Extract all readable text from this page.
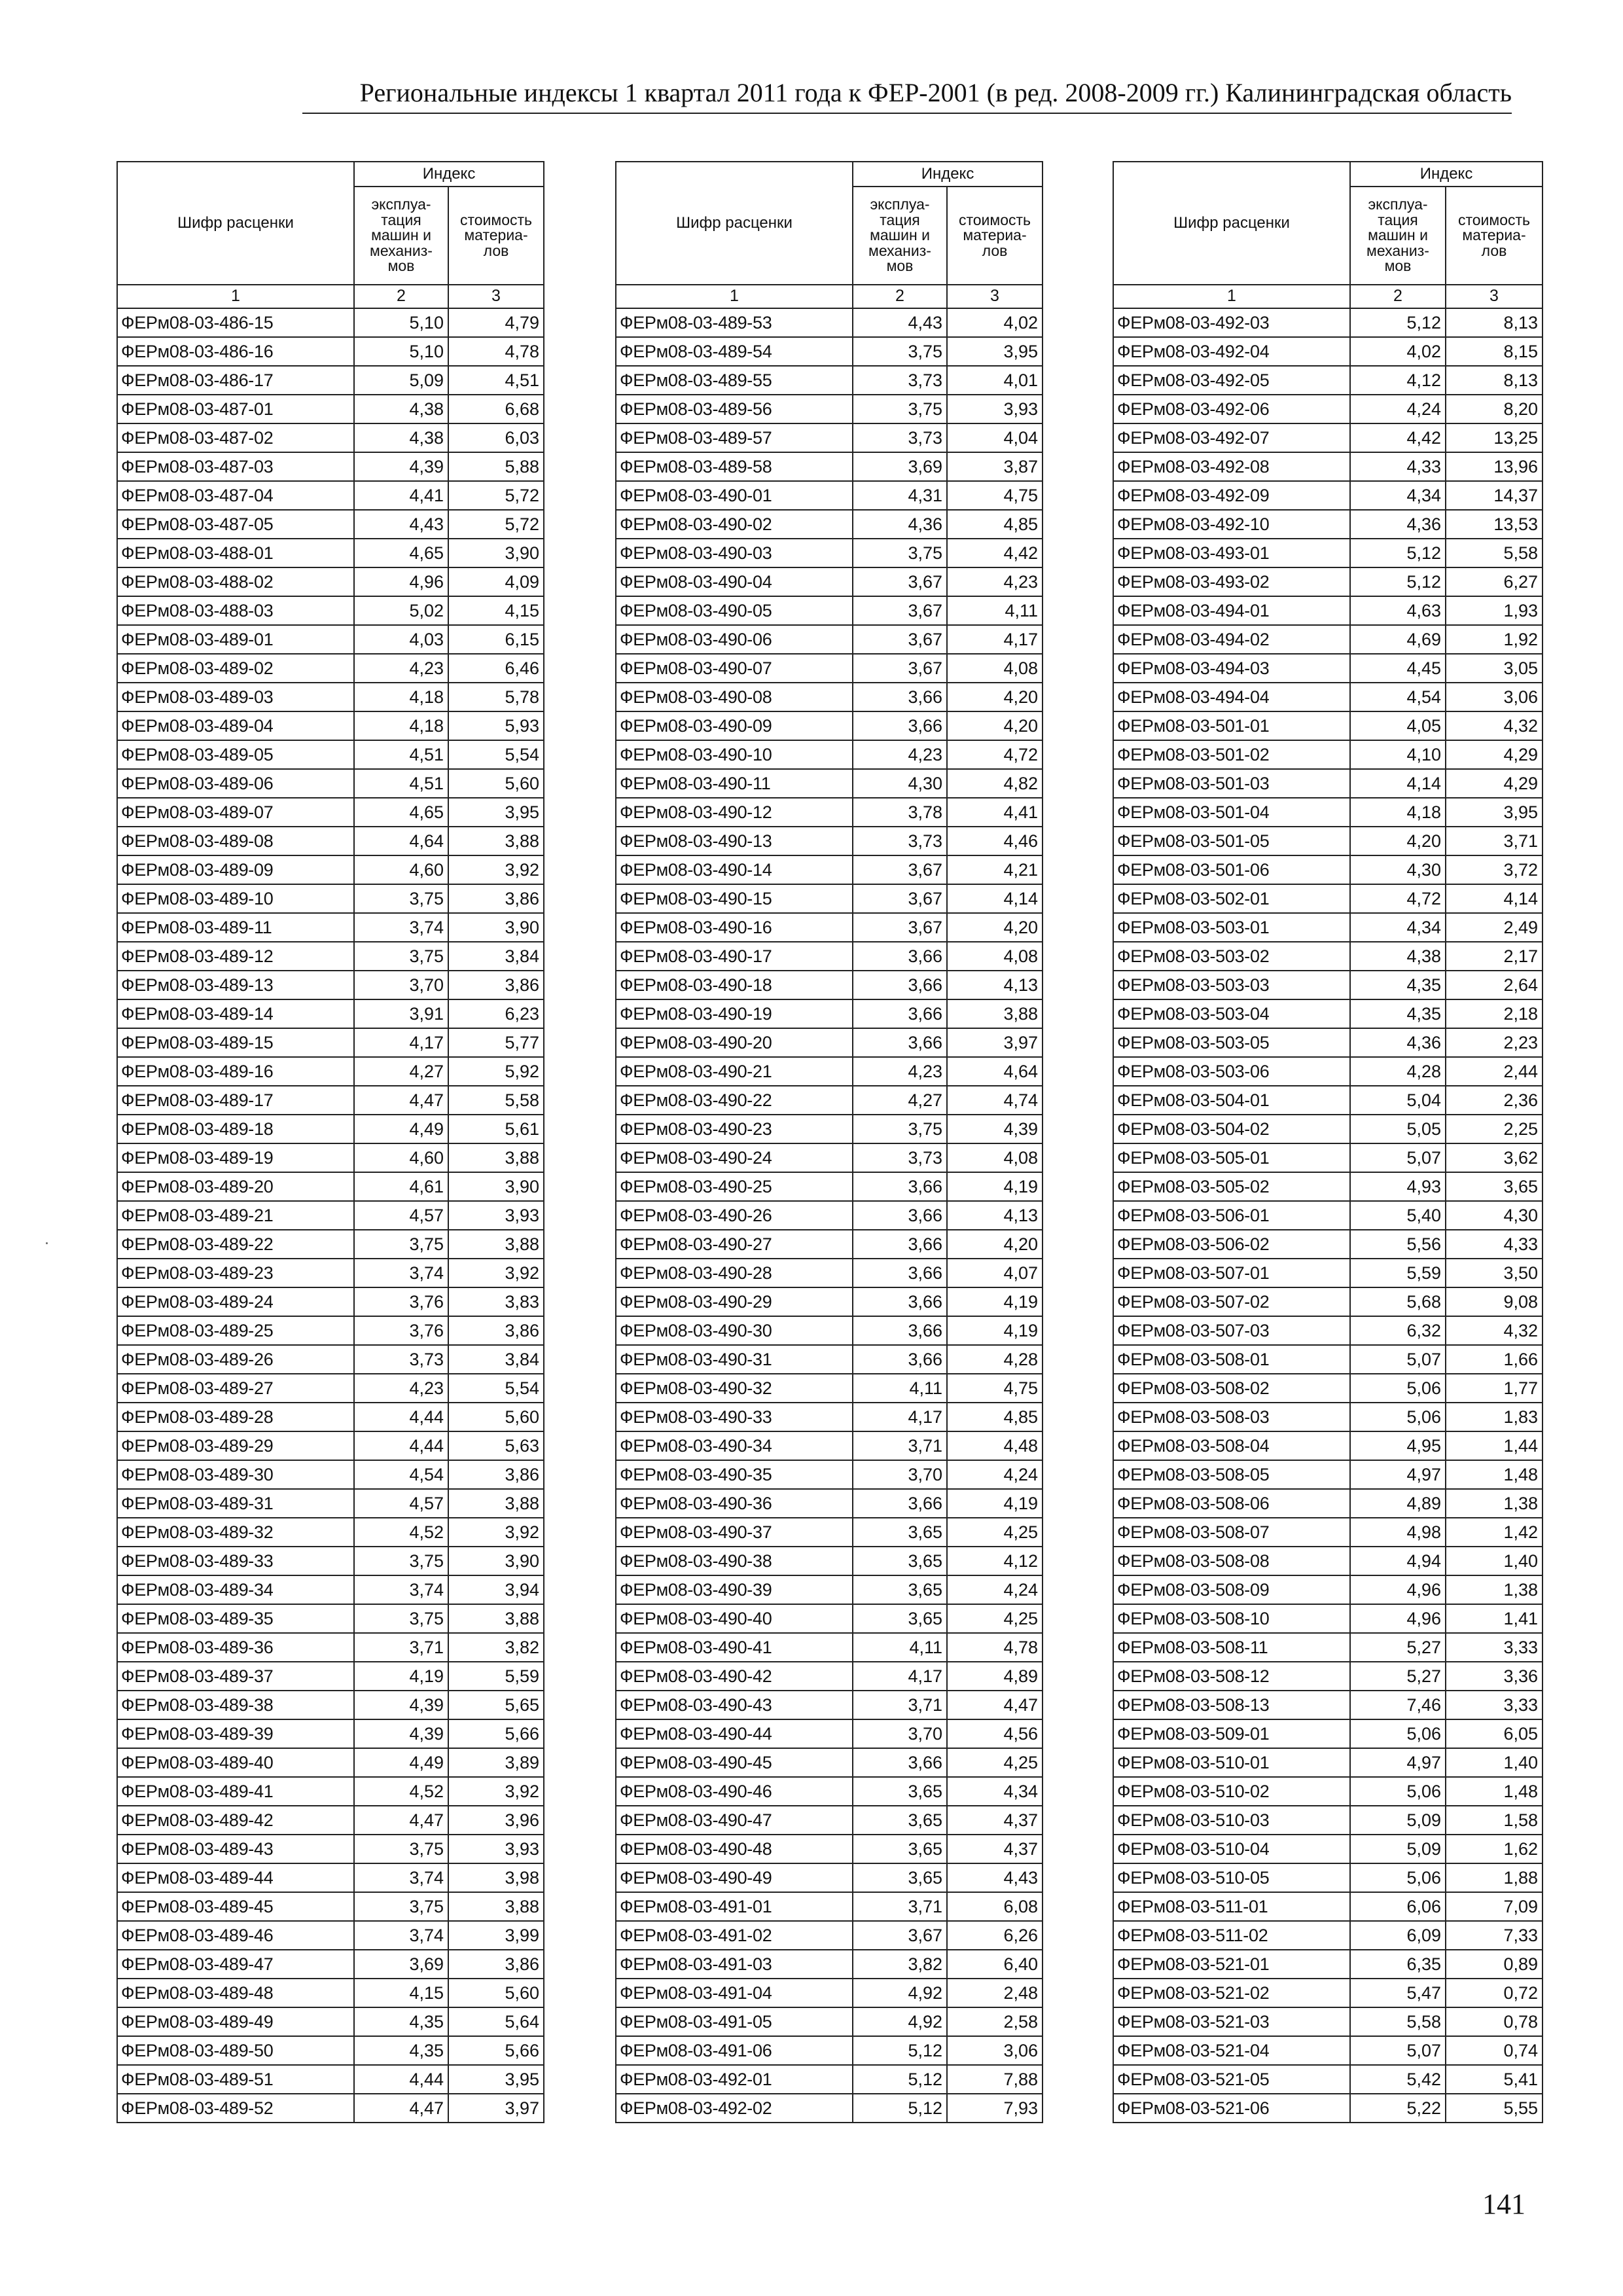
Региональные индексы 1 квартал 2011 года к ФЕР-2001 (в ред. 2008-2009 гг.) Калининградская область
Шифр расценки	Индекс	
	эксплуа-
тация
машин и
механиз-
мов	стоимость
материа-
лов
1	2	3
ФЕРм08-03-486-15	5,10	4,79
ФЕРм08-03-486-16	5,10	4,78
ФЕРм08-03-486-17	5,09	4,51
ФЕРм08-03-487-01	4,38	6,68
ФЕРм08-03-487-02	4,38	6,03
ФЕРм08-03-487-03	4,39	5,88
ФЕРм08-03-487-04	4,41	5,72
ФЕРм08-03-487-05	4,43	5,72
ФЕРм08-03-488-01	4,65	3,90
ФЕРм08-03-488-02	4,96	4,09
ФЕРм08-03-488-03	5,02	4,15
ФЕРм08-03-489-01	4,03	6,15
ФЕРм08-03-489-02	4,23	6,46
ФЕРм08-03-489-03	4,18	5,78
ФЕРм08-03-489-04	4,18	5,93
ФЕРм08-03-489-05	4,51	5,54
ФЕРм08-03-489-06	4,51	5,60
ФЕРм08-03-489-07	4,65	3,95
ФЕРм08-03-489-08	4,64	3,88
ФЕРм08-03-489-09	4,60	3,92
ФЕРм08-03-489-10	3,75	3,86
ФЕРм08-03-489-11	3,74	3,90
ФЕРм08-03-489-12	3,75	3,84
ФЕРм08-03-489-13	3,70	3,86
ФЕРм08-03-489-14	3,91	6,23
ФЕРм08-03-489-15	4,17	5,77
ФЕРм08-03-489-16	4,27	5,92
ФЕРм08-03-489-17	4,47	5,58
ФЕРм08-03-489-18	4,49	5,61
ФЕРм08-03-489-19	4,60	3,88
ФЕРм08-03-489-20	4,61	3,90
ФЕРм08-03-489-21	4,57	3,93
ФЕРм08-03-489-22	3,75	3,88
ФЕРм08-03-489-23	3,74	3,92
ФЕРм08-03-489-24	3,76	3,83
ФЕРм08-03-489-25	3,76	3,86
ФЕРм08-03-489-26	3,73	3,84
ФЕРм08-03-489-27	4,23	5,54
ФЕРм08-03-489-28	4,44	5,60
ФЕРм08-03-489-29	4,44	5,63
ФЕРм08-03-489-30	4,54	3,86
ФЕРм08-03-489-31	4,57	3,88
ФЕРм08-03-489-32	4,52	3,92
ФЕРм08-03-489-33	3,75	3,90
ФЕРм08-03-489-34	3,74	3,94
ФЕРм08-03-489-35	3,75	3,88
ФЕРм08-03-489-36	3,71	3,82
ФЕРм08-03-489-37	4,19	5,59
ФЕРм08-03-489-38	4,39	5,65
ФЕРм08-03-489-39	4,39	5,66
ФЕРм08-03-489-40	4,49	3,89
ФЕРм08-03-489-41	4,52	3,92
ФЕРм08-03-489-42	4,47	3,96
ФЕРм08-03-489-43	3,75	3,93
ФЕРм08-03-489-44	3,74	3,98
ФЕРм08-03-489-45	3,75	3,88
ФЕРм08-03-489-46	3,74	3,99
ФЕРм08-03-489-47	3,69	3,86
ФЕРм08-03-489-48	4,15	5,60
ФЕРм08-03-489-49	4,35	5,64
ФЕРм08-03-489-50	4,35	5,66
ФЕРм08-03-489-51	4,44	3,95
ФЕРм08-03-489-52	4,47	3,97
Шифр расценки	Индекс	
	эксплуа-
тация
машин и
механиз-
мов	стоимость
материа-
лов
1	2	3
ФЕРм08-03-489-53	4,43	4,02
ФЕРм08-03-489-54	3,75	3,95
ФЕРм08-03-489-55	3,73	4,01
ФЕРм08-03-489-56	3,75	3,93
ФЕРм08-03-489-57	3,73	4,04
ФЕРм08-03-489-58	3,69	3,87
ФЕРм08-03-490-01	4,31	4,75
ФЕРм08-03-490-02	4,36	4,85
ФЕРм08-03-490-03	3,75	4,42
ФЕРм08-03-490-04	3,67	4,23
ФЕРм08-03-490-05	3,67	4,11
ФЕРм08-03-490-06	3,67	4,17
ФЕРм08-03-490-07	3,67	4,08
ФЕРм08-03-490-08	3,66	4,20
ФЕРм08-03-490-09	3,66	4,20
ФЕРм08-03-490-10	4,23	4,72
ФЕРм08-03-490-11	4,30	4,82
ФЕРм08-03-490-12	3,78	4,41
ФЕРм08-03-490-13	3,73	4,46
ФЕРм08-03-490-14	3,67	4,21
ФЕРм08-03-490-15	3,67	4,14
ФЕРм08-03-490-16	3,67	4,20
ФЕРм08-03-490-17	3,66	4,08
ФЕРм08-03-490-18	3,66	4,13
ФЕРм08-03-490-19	3,66	3,88
ФЕРм08-03-490-20	3,66	3,97
ФЕРм08-03-490-21	4,23	4,64
ФЕРм08-03-490-22	4,27	4,74
ФЕРм08-03-490-23	3,75	4,39
ФЕРм08-03-490-24	3,73	4,08
ФЕРм08-03-490-25	3,66	4,19
ФЕРм08-03-490-26	3,66	4,13
ФЕРм08-03-490-27	3,66	4,20
ФЕРм08-03-490-28	3,66	4,07
ФЕРм08-03-490-29	3,66	4,19
ФЕРм08-03-490-30	3,66	4,19
ФЕРм08-03-490-31	3,66	4,28
ФЕРм08-03-490-32	4,11	4,75
ФЕРм08-03-490-33	4,17	4,85
ФЕРм08-03-490-34	3,71	4,48
ФЕРм08-03-490-35	3,70	4,24
ФЕРм08-03-490-36	3,66	4,19
ФЕРм08-03-490-37	3,65	4,25
ФЕРм08-03-490-38	3,65	4,12
ФЕРм08-03-490-39	3,65	4,24
ФЕРм08-03-490-40	3,65	4,25
ФЕРм08-03-490-41	4,11	4,78
ФЕРм08-03-490-42	4,17	4,89
ФЕРм08-03-490-43	3,71	4,47
ФЕРм08-03-490-44	3,70	4,56
ФЕРм08-03-490-45	3,66	4,25
ФЕРм08-03-490-46	3,65	4,34
ФЕРм08-03-490-47	3,65	4,37
ФЕРм08-03-490-48	3,65	4,37
ФЕРм08-03-490-49	3,65	4,43
ФЕРм08-03-491-01	3,71	6,08
ФЕРм08-03-491-02	3,67	6,26
ФЕРм08-03-491-03	3,82	6,40
ФЕРм08-03-491-04	4,92	2,48
ФЕРм08-03-491-05	4,92	2,58
ФЕРм08-03-491-06	5,12	3,06
ФЕРм08-03-492-01	5,12	7,88
ФЕРм08-03-492-02	5,12	7,93
Шифр расценки	Индекс	
	эксплуа-
тация
машин и
механиз-
мов	стоимость
материа-
лов
1	2	3
ФЕРм08-03-492-03	5,12	8,13
ФЕРм08-03-492-04	4,02	8,15
ФЕРм08-03-492-05	4,12	8,13
ФЕРм08-03-492-06	4,24	8,20
ФЕРм08-03-492-07	4,42	13,25
ФЕРм08-03-492-08	4,33	13,96
ФЕРм08-03-492-09	4,34	14,37
ФЕРм08-03-492-10	4,36	13,53
ФЕРм08-03-493-01	5,12	5,58
ФЕРм08-03-493-02	5,12	6,27
ФЕРм08-03-494-01	4,63	1,93
ФЕРм08-03-494-02	4,69	1,92
ФЕРм08-03-494-03	4,45	3,05
ФЕРм08-03-494-04	4,54	3,06
ФЕРм08-03-501-01	4,05	4,32
ФЕРм08-03-501-02	4,10	4,29
ФЕРм08-03-501-03	4,14	4,29
ФЕРм08-03-501-04	4,18	3,95
ФЕРм08-03-501-05	4,20	3,71
ФЕРм08-03-501-06	4,30	3,72
ФЕРм08-03-502-01	4,72	4,14
ФЕРм08-03-503-01	4,34	2,49
ФЕРм08-03-503-02	4,38	2,17
ФЕРм08-03-503-03	4,35	2,64
ФЕРм08-03-503-04	4,35	2,18
ФЕРм08-03-503-05	4,36	2,23
ФЕРм08-03-503-06	4,28	2,44
ФЕРм08-03-504-01	5,04	2,36
ФЕРм08-03-504-02	5,05	2,25
ФЕРм08-03-505-01	5,07	3,62
ФЕРм08-03-505-02	4,93	3,65
ФЕРм08-03-506-01	5,40	4,30
ФЕРм08-03-506-02	5,56	4,33
ФЕРм08-03-507-01	5,59	3,50
ФЕРм08-03-507-02	5,68	9,08
ФЕРм08-03-507-03	6,32	4,32
ФЕРм08-03-508-01	5,07	1,66
ФЕРм08-03-508-02	5,06	1,77
ФЕРм08-03-508-03	5,06	1,83
ФЕРм08-03-508-04	4,95	1,44
ФЕРм08-03-508-05	4,97	1,48
ФЕРм08-03-508-06	4,89	1,38
ФЕРм08-03-508-07	4,98	1,42
ФЕРм08-03-508-08	4,94	1,40
ФЕРм08-03-508-09	4,96	1,38
ФЕРм08-03-508-10	4,96	1,41
ФЕРм08-03-508-11	5,27	3,33
ФЕРм08-03-508-12	5,27	3,36
ФЕРм08-03-508-13	7,46	3,33
ФЕРм08-03-509-01	5,06	6,05
ФЕРм08-03-510-01	4,97	1,40
ФЕРм08-03-510-02	5,06	1,48
ФЕРм08-03-510-03	5,09	1,58
ФЕРм08-03-510-04	5,09	1,62
ФЕРм08-03-510-05	5,06	1,88
ФЕРм08-03-511-01	6,06	7,09
ФЕРм08-03-511-02	6,09	7,33
ФЕРм08-03-521-01	6,35	0,89
ФЕРм08-03-521-02	5,47	0,72
ФЕРм08-03-521-03	5,58	0,78
ФЕРм08-03-521-04	5,07	0,74
ФЕРм08-03-521-05	5,42	5,41
ФЕРм08-03-521-06	5,22	5,55
141
